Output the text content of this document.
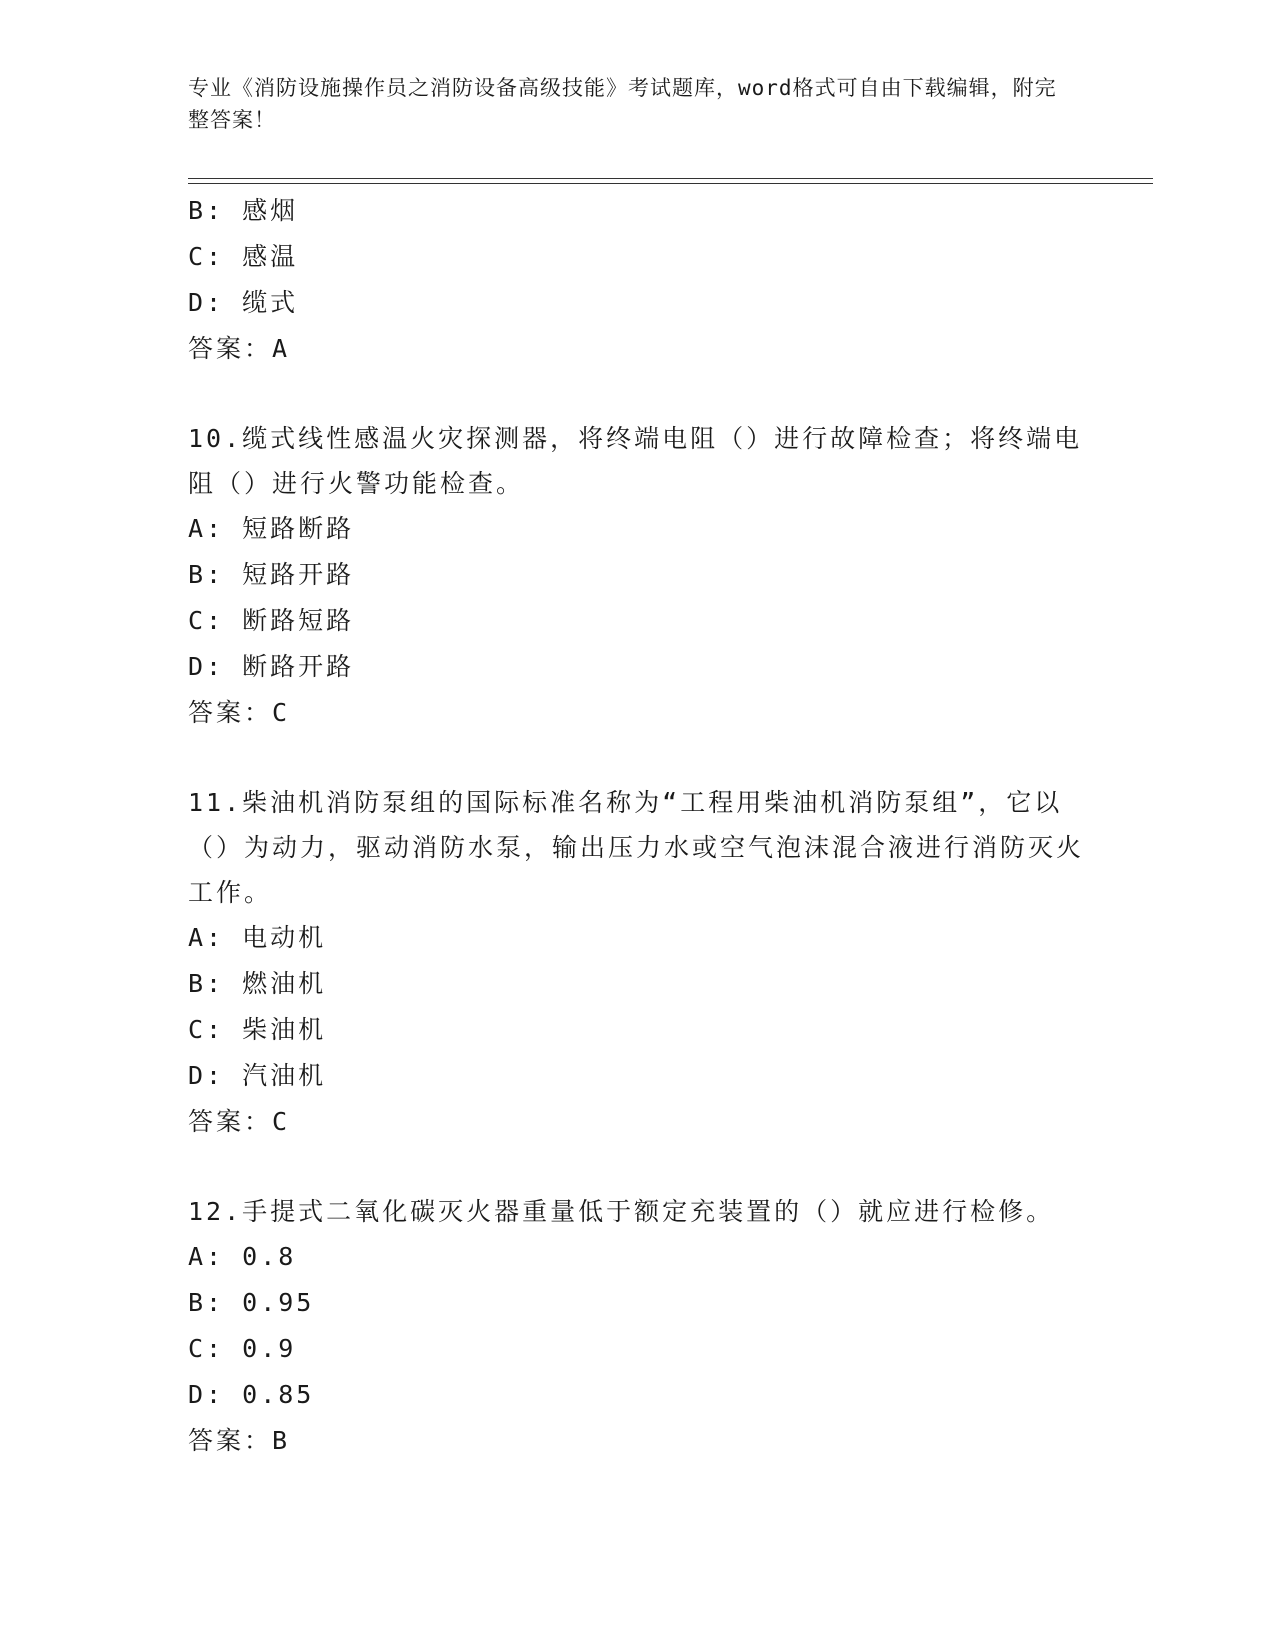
专业《消防设施操作员之消防设备高级技能》考试题库，word格式可自由下载编辑，附完整答案！
B: 感烟
C: 感温
D: 缆式
答案：A
10.缆式线性感温火灾探测器，将终端电阻（）进行故障检查；将终端电阻（）进行火警功能检查。
A: 短路断路
B: 短路开路
C: 断路短路
D: 断路开路
答案：C
11.柴油机消防泵组的国际标准名称为“工程用柴油机消防泵组”，它以（）为动力，驱动消防水泵，输出压力水或空气泡沫混合液进行消防灭火工作。
A: 电动机
B: 燃油机
C: 柴油机
D: 汽油机
答案：C
12.手提式二氧化碳灭火器重量低于额定充装置的（）就应进行检修。
A: 0.8
B: 0.95
C: 0.9
D: 0.85
答案：B
